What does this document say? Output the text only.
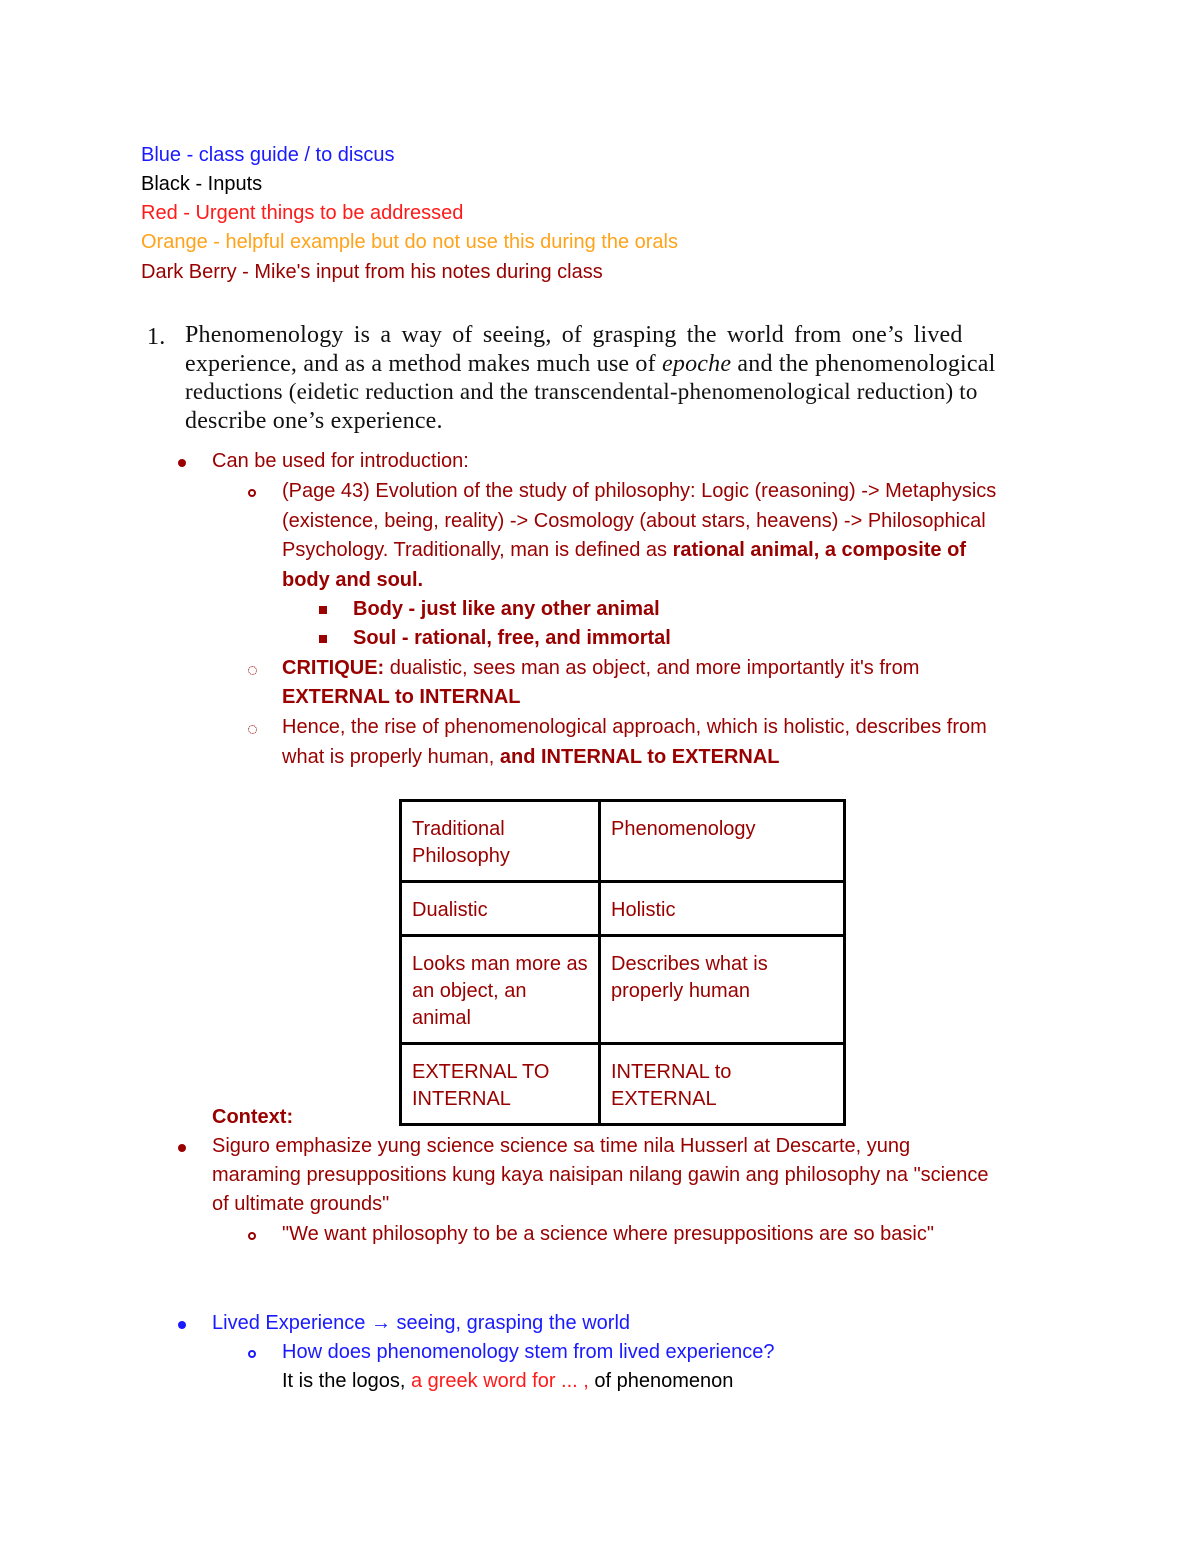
Blue - class guide / to discus
Black - Inputs
Red - Urgent things to be addressed
Orange - helpful example but do not use this during the orals
Dark Berry - Mike's input from his notes during class
1. Phenomenology is a way of seeing, of grasping the world from one’s lived
experience, and as a method makes much use of epoche and the phenomenological
reductions (eidetic reduction and the transcendental-phenomenological reduction) to
describe one’s experience.
Can be used for introduction:
(Page 43) Evolution of the study of philosophy: Logic (reasoning) -> Metaphysics
(existence, being, reality) -> Cosmology (about stars, heavens) -> Philosophical
Psychology. Traditionally, man is defined as rational animal, a composite of
body and soul.
Body - just like any other animal
Soul - rational, free, and immortal
CRITIQUE: dualistic, sees man as object, and more importantly it's from
EXTERNAL to INTERNAL
Hence, the rise of phenomenological approach, which is holistic, describes from
what is properly human, and INTERNAL to EXTERNAL
Traditional Philosophy	Phenomenology
Dualistic	Holistic
Looks man more as an object, an animal	Describes what is properly human
EXTERNAL TO INTERNAL	INTERNAL to EXTERNAL
Context:
Siguro emphasize yung science science sa time nila Husserl at Descarte, yung
maraming presuppositions kung kaya naisipan nilang gawin ang philosophy na "science
of ultimate grounds"
"We want philosophy to be a science where presuppositions are so basic"
Lived Experience → seeing, grasping the world
How does phenomenology stem from lived experience?
It is the logos, a greek word for ... , of phenomenon
